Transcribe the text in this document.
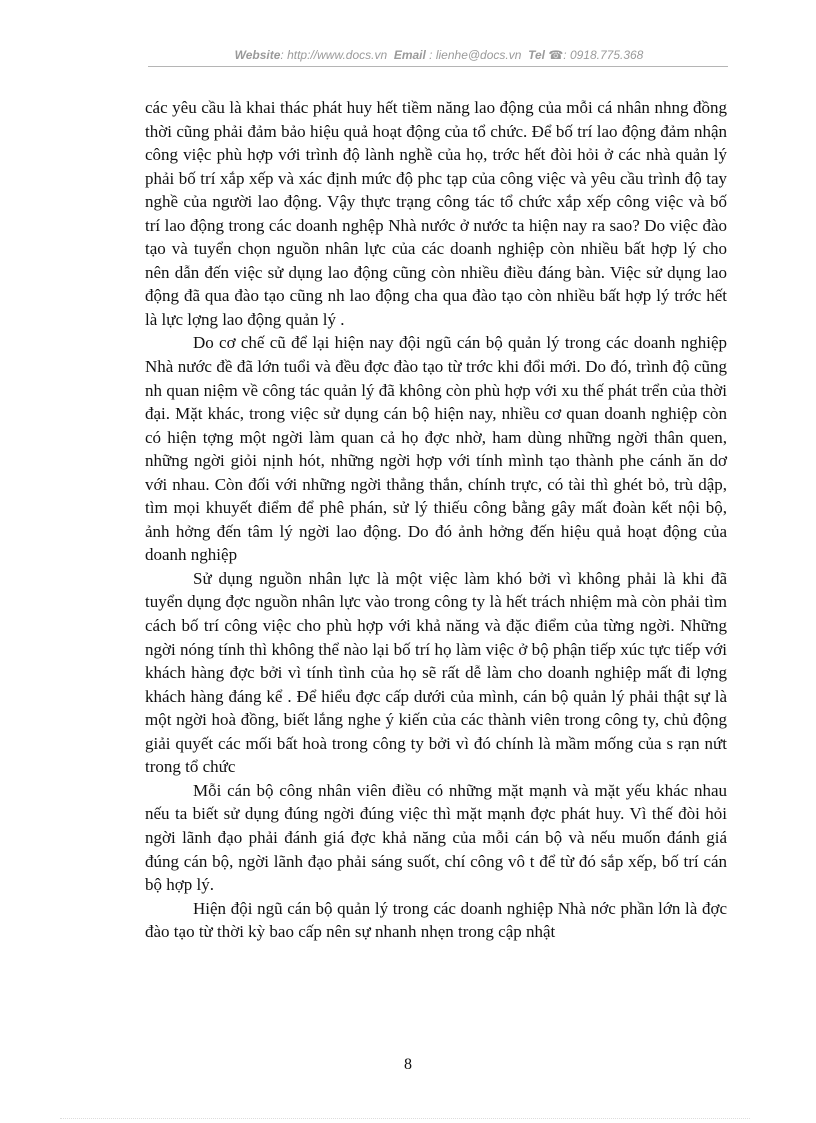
Website: http://www.docs.vn Email : lienhe@docs.vn Tel ☎: 0918.775.368

các yêu cầu là khai thác phát huy hết tiềm năng lao động của mỗi cá nhân nhng đồng thời cũng phải đảm bảo hiệu quả hoạt động của tổ chức. Để bố trí lao động đảm nhận công việc phù hợp với trình độ lành nghề của họ, trớc hết đòi hỏi ở các nhà quản lý phải bố trí xắp xếp và xác định mức độ phc tạp của công việc và yêu cầu trình độ tay nghề của người lao động. Vậy thực trạng công tác tổ chức xắp xếp công việc và bố trí lao động trong các doanh nghệp Nhà nước ở nước ta hiện nay ra sao? Do việc đào tạo và tuyển chọn nguồn nhân lực của các doanh nghiệp còn nhiều bất hợp lý cho nên dẫn đến việc sử dụng lao động cũng còn nhiều điều đáng bàn. Việc sử dụng lao động đã qua đào tạo cũng nh lao động cha qua đào tạo còn nhiều bất hợp lý trớc hết là lực lợng lao động quản lý .

Do cơ chế cũ để lại hiện nay đội ngũ cán bộ quản lý trong các doanh nghiệp Nhà nước đề đã lớn tuổi và đều đợc đào tạo từ trớc khi đổi mới. Do đó, trình độ cũng nh quan niệm về công tác quản lý đã không còn phù hợp với xu thế phát trển của thời đại. Mặt khác, trong việc sử dụng cán bộ hiện nay, nhiều cơ quan doanh nghiệp còn có hiện tợng một ngời làm quan cả họ đợc nhờ, ham dùng những ngời thân quen, những ngời giỏi nịnh hót, những ngời hợp với tính mình tạo thành phe cánh ăn dơ với nhau. Còn đối với những ngời thẳng thắn, chính trực, có tài thì ghét bỏ, trù dập, tìm mọi khuyết điểm để phê phán, sử lý thiếu công bằng gây mất đoàn kết nội bộ, ảnh hởng đến tâm lý ngời lao động. Do đó ảnh hởng đến hiệu quả hoạt động của doanh nghiệp

Sử dụng nguồn nhân lực là một việc làm khó bởi vì không phải là khi đã tuyển dụng đợc nguồn nhân lực vào trong công ty là hết trách nhiệm mà còn phải tìm cách bố trí công việc cho phù hợp với khả năng và đặc điểm của từng ngời. Những ngời nóng tính thì không thể nào lại bố trí họ làm việc ở bộ phận tiếp xúc tực tiếp với khách hàng đợc bởi vì tính tình của họ sẽ rất dễ làm cho doanh nghiệp mất đi lợng khách hàng đáng kể . Để hiểu đợc cấp dưới của mình, cán bộ quản lý phải thật sự là một ngời hoà đồng, biết lắng nghe ý kiến của các thành viên trong công ty, chủ động giải quyết các mối bất hoà trong công ty bởi vì đó chính là mầm mống của s rạn nứt trong tổ chức

Mỗi cán bộ công nhân viên điều có những mặt mạnh và mặt yếu khác nhau nếu ta biết sử dụng đúng ngời đúng việc thì mặt mạnh đợc phát huy. Vì thế đòi hỏi ngời lãnh đạo phải đánh giá đợc khả năng của mỗi cán bộ và nếu muốn đánh giá đúng cán bộ, ngời lãnh đạo phải sáng suốt, chí công vô t để từ đó sắp xếp, bố trí cán bộ hợp lý.

Hiện đội ngũ cán bộ quản lý trong các doanh nghiệp Nhà nớc phần lớn là đợc đào tạo từ thời kỳ bao cấp nên sự nhanh nhẹn trong cập nhật

8
